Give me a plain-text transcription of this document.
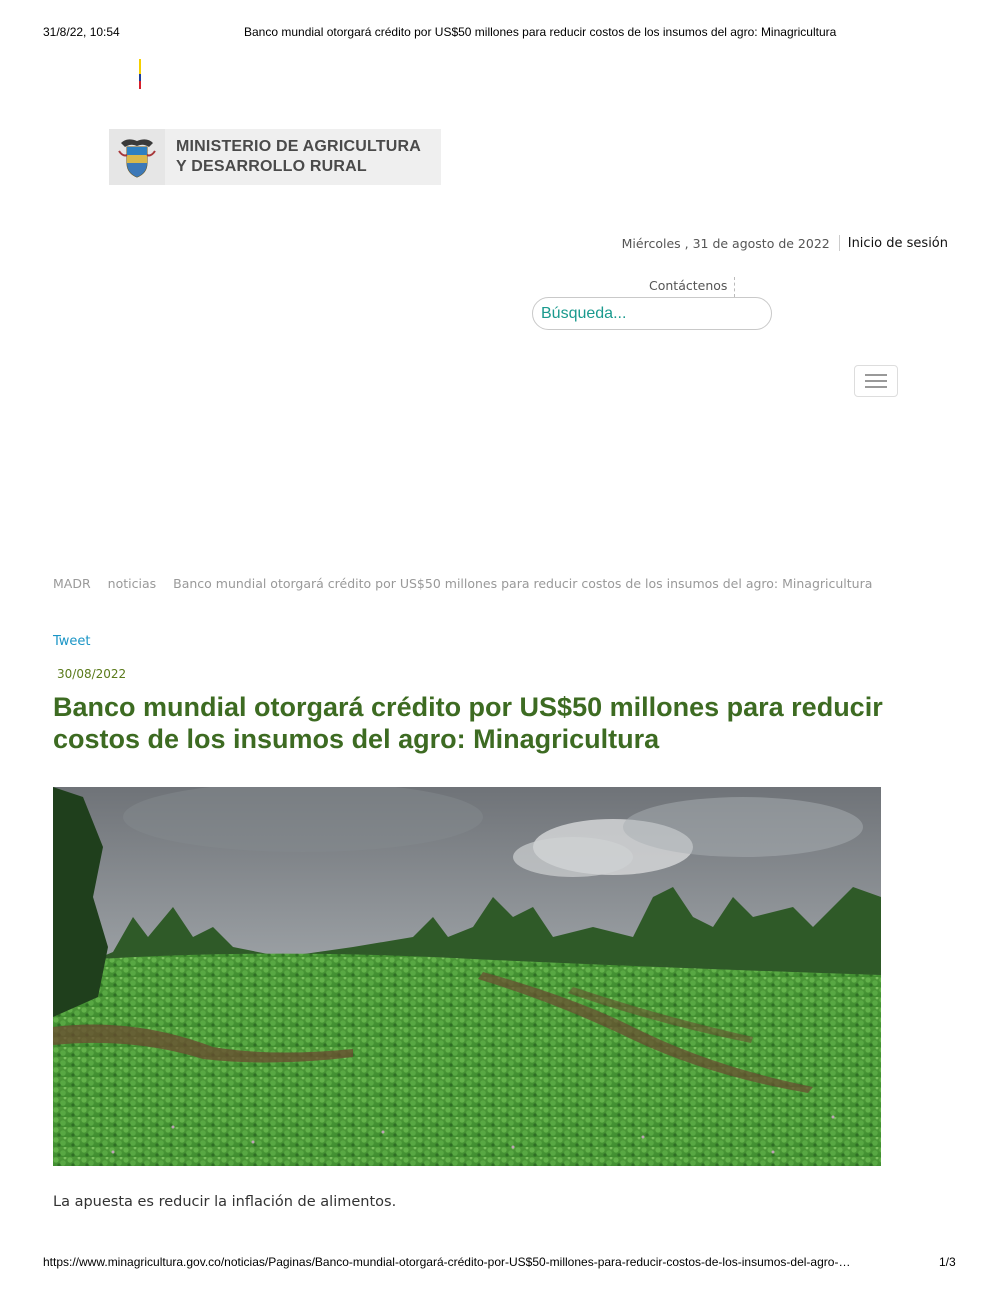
31/8/22, 10:54	Banco mundial otorgará crédito por US$50 millones para reducir costos de los insumos del agro: Minagricultura
MINISTERIO DE AGRICULTURA
Y DESARROLLO RURAL
Miércoles , 31 de agosto de 2022 Inicio de sesión
Contáctenos
Búsqueda...
MADR noticias Banco mundial otorgará crédito por US$50 millones para reducir costos de los insumos del agro: Minagricultura
Tweet
30/08/2022
Banco mundial otorgará crédito por US$50 millones para reducir costos de los insumos del agro: Minagricultura
La apuesta es reducir la inflación de alimentos.
https://www.minagricultura.gov.co/noticias/Paginas/Banco-mundial-otorgará-crédito-por-US$50-millones-para-reducir-costos-de-los-insumos-del-agro-…	1/3
